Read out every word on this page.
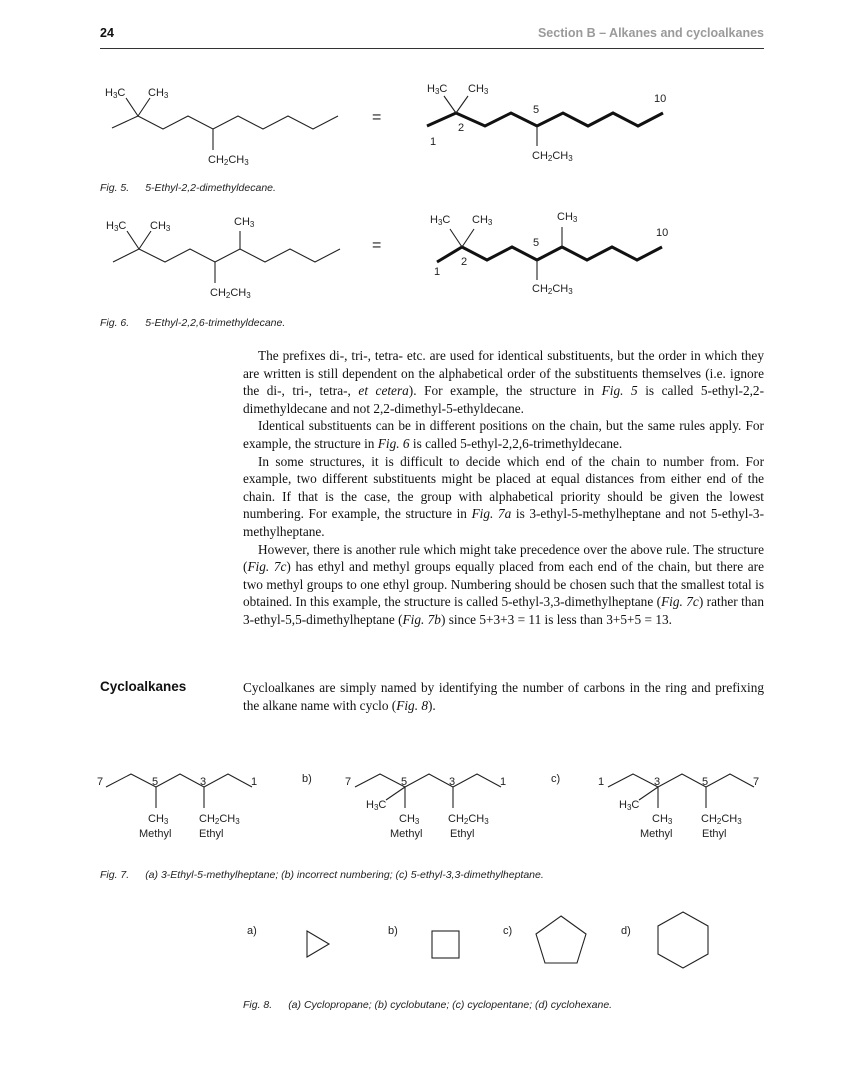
24	Section B – Alkanes and cycloalkanes
H3C CH3
CH2CH3
=
H3C CH3
CH2CH3
1
2
5
10
H3C CH3
CH3
CH2CH3
=
H3C CH3	CH3
CH2CH3
1
2
5
10
7	5	3	1
CH3	CH2CH3
Methyl	Ethyl
b)	7	5	3	1
H3C
CH3	CH2CH3
Methyl	Ethyl
c)	1	3	5	7
H3C
CH3	CH2CH3
Methyl	Ethyl
a)	b)	c)	d)
Fig. 5. 5-Ethyl-2,2-dimethyldecane.
Fig. 6. 5-Ethyl-2,2,6-trimethyldecane.

The prefixes di-, tri-, tetra- etc. are used for identical substituents, but the order in which they are written is still dependent on the alphabetical order of the substituents themselves (i.e. ignore the di-, tri-, tetra-, et cetera). For example, the structure in Fig. 5 is called 5-ethyl-2,2-dimethyldecane and not 2,2-dimethyl-5-ethyldecane.

Identical substituents can be in different positions on the chain, but the same rules apply. For example, the structure in Fig. 6 is called 5-ethyl-2,2,6-trimethyldecane.

In some structures, it is difficult to decide which end of the chain to number from. For example, two different substituents might be placed at equal distances from either end of the chain. If that is the case, the group with alphabetical priority should be given the lowest numbering. For example, the structure in Fig. 7a is 3-ethyl-5-methylheptane and not 5-ethyl-3-methylheptane.

However, there is another rule which might take precedence over the above rule. The structure (Fig. 7c) has ethyl and methyl groups equally placed from each end of the chain, but there are two methyl groups to one ethyl group. Numbering should be chosen such that the smallest total is obtained. In this example, the structure is called 5-ethyl-3,3-dimethylheptane (Fig. 7c) rather than 3-ethyl-5,5-dimethylheptane (Fig. 7b) since 5+3+3 = 11 is less than 3+5+5 = 13.

Cycloalkanes	Cycloalkanes are simply named by identifying the number of carbons in the ring and prefixing the alkane name with cyclo (Fig. 8).

Fig. 7. (a) 3-Ethyl-5-methylheptane; (b) incorrect numbering; (c) 5-ethyl-3,3-dimethylheptane.
Fig. 8. (a) Cyclopropane; (b) cyclobutane; (c) cyclopentane; (d) cyclohexane.
